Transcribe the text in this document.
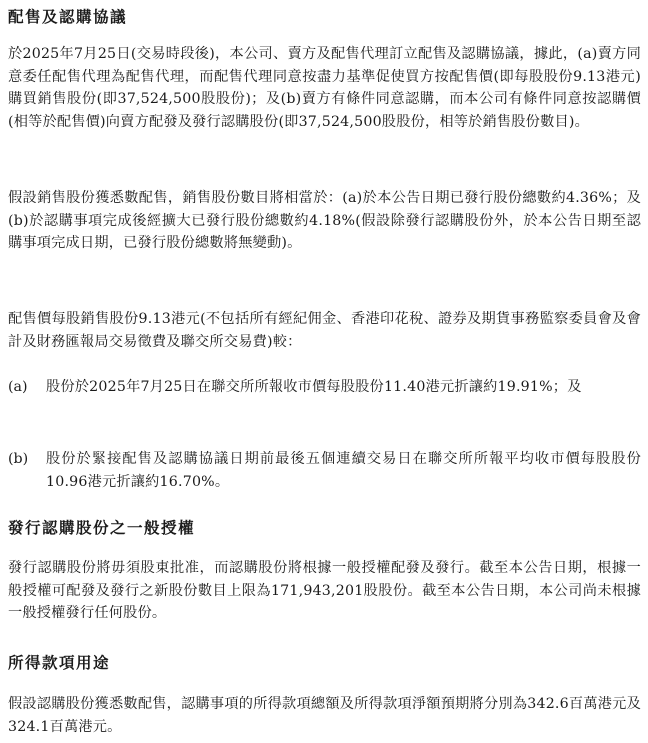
配售及認購協議

於2025年7月25日(交易時段後)，本公司、賣方及配售代理訂立配售及認購協議，據此，(a)賣方同意委任配售代理為配售代理，而配售代理同意按盡力基準促使買方按配售價(即每股股份9.13港元)購買銷售股份(即37,524,500股股份)；及(b)賣方有條件同意認購，而本公司有條件同意按認購價(相等於配售價)向賣方配發及發行認購股份(即37,524,500股股份，相等於銷售股份數目)。

假設銷售股份獲悉數配售，銷售股份數目將相當於：(a)於本公告日期已發行股份總數約4.36%；及(b)於認購事項完成後經擴大已發行股份總數約4.18%(假設除發行認購股份外，於本公告日期至認購事項完成日期，已發行股份總數將無變動)。

配售價每股銷售股份9.13港元(不包括所有經紀佣金、香港印花稅、證券及期貨事務監察委員會及會計及財務匯報局交易徵費及聯交所交易費)較：

(a)	股份於2025年7月25日在聯交所所報收市價每股股份11.40港元折讓約19.91%；及
(b)	股份於緊接配售及認購協議日期前最後五個連續交易日在聯交所所報平均收市價每股股份10.96港元折讓約16.70%。
發行認購股份之一般授權

發行認購股份將毋須股東批准，而認購股份將根據一般授權配發及發行。截至本公告日期，根據一般授權可配發及發行之新股份數目上限為171,943,201股股份。截至本公告日期，本公司尚未根據一般授權發行任何股份。

所得款項用途

假設認購股份獲悉數配售，認購事項的所得款項總額及所得款項淨額預期將分別為342.6百萬港元及324.1百萬港元。
